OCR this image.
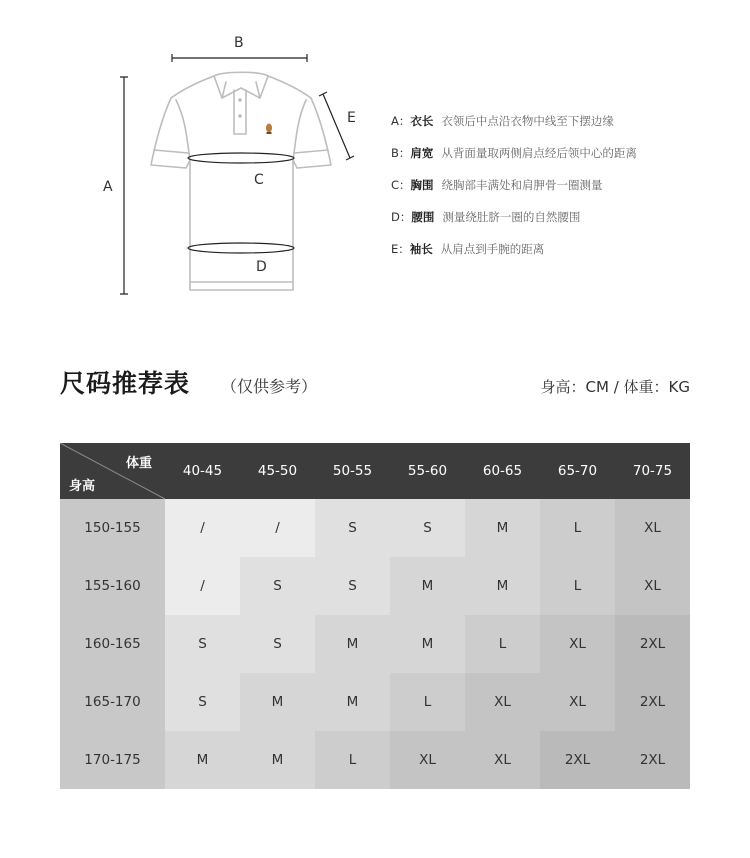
B
A
E
C
D
A： 衣长 衣领后中点沿衣物中线至下摆边缘
B： 肩宽 从背面量取两侧肩点经后领中心的距离
C： 胸围 绕胸部丰满处和肩胛骨一圈测量
D： 腰围 测量绕肚脐一圈的自然腰围
E： 袖长 从肩点到手腕的距离
尺码推荐表 （仅供参考）	身高：CM / 体重：KG
体重
身高
40-45	45-50	50-55	55-60	60-65	65-70	70-75
150-155	/	/	S	S	M	L	XL
155-160	/	S	S	M	M	L	XL
160-165	S	S	M	M	L	XL	2XL
165-170	S	M	M	L	XL	XL	2XL
170-175	M	M	L	XL	XL	2XL	2XL
